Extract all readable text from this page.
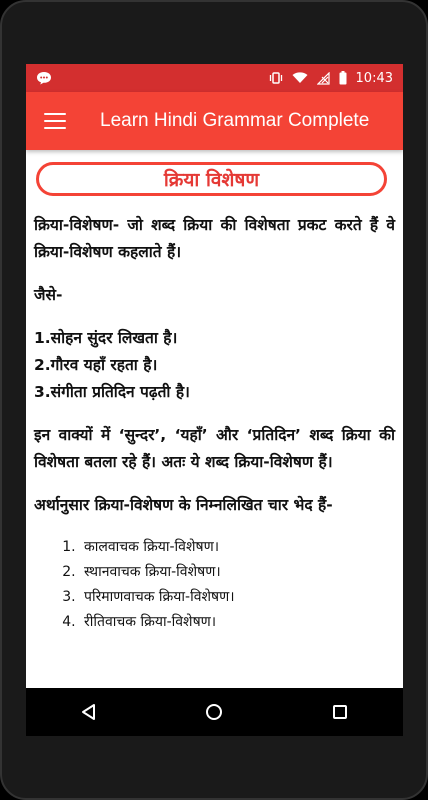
10:43
Learn Hindi Grammar Complete
क्रिया विशेषण

क्रिया-विशेषण- जो शब्द क्रिया की विशेषता प्रकट करते हैं वे क्रिया-विशेषण कहलाते हैं।

जैसे-

1.सोहन सुंदर लिखता है।
2.गौरव यहाँ रहता है।
3.संगीता प्रतिदिन पढ़ती है।

इन वाक्यों में ‘सुन्दर’, ‘यहाँ’ और ‘प्रतिदिन’ शब्द क्रिया की विशेषता बतला रहे हैं। अतः ये शब्द क्रिया-विशेषण हैं।

अर्थानुसार क्रिया-विशेषण के निम्नलिखित चार भेद हैं-

1. कालवाचक क्रिया-विशेषण।
2. स्थानवाचक क्रिया-विशेषण।
3. परिमाणवाचक क्रिया-विशेषण।
4. रीतिवाचक क्रिया-विशेषण।
